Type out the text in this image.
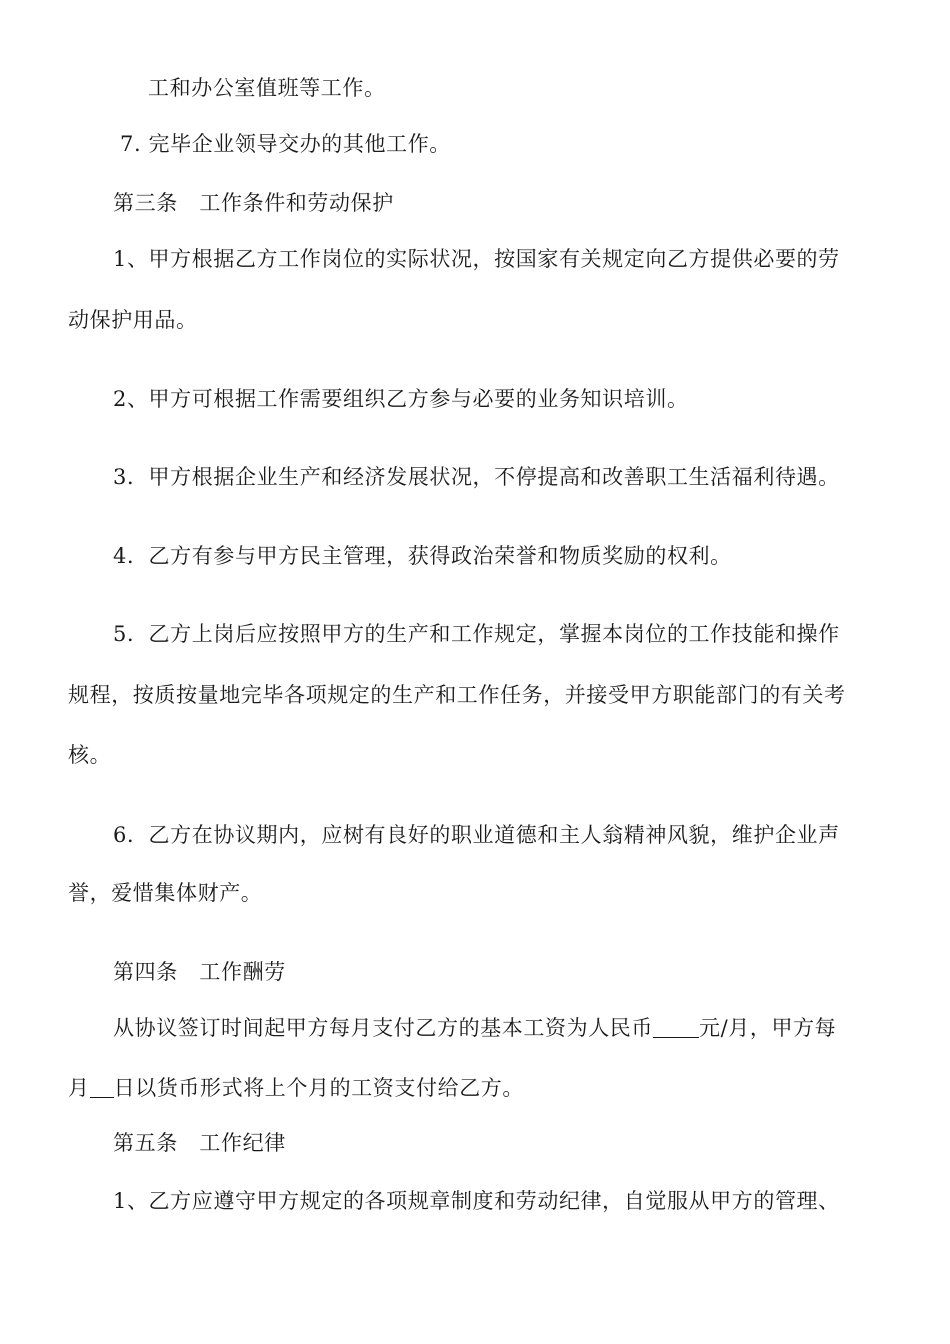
工和办公室值班等工作。
7. 完毕企业领导交办的其他工作。
第三条　工作条件和劳动保护
1、甲方根据乙方工作岗位的实际状况，按国家有关规定向乙方提供必要的劳
动保护用品。
2、甲方可根据工作需要组织乙方参与必要的业务知识培训。
3．甲方根据企业生产和经济发展状况，不停提高和改善职工生活福利待遇。
4．乙方有参与甲方民主管理，获得政治荣誉和物质奖励的权利。
5．乙方上岗后应按照甲方的生产和工作规定，掌握本岗位的工作技能和操作
规程，按质按量地完毕各项规定的生产和工作任务，并接受甲方职能部门的有关考
核。
6．乙方在协议期内，应树有良好的职业道德和主人翁精神风貌，维护企业声
誉，爱惜集体财产。
第四条　工作酬劳
从协议签订时间起甲方每月支付乙方的基本工资为人民币 元/月，甲方每
月 日以货币形式将上个月的工资支付给乙方。
第五条　工作纪律
1、乙方应遵守甲方规定的各项规章制度和劳动纪律，自觉服从甲方的管理、
